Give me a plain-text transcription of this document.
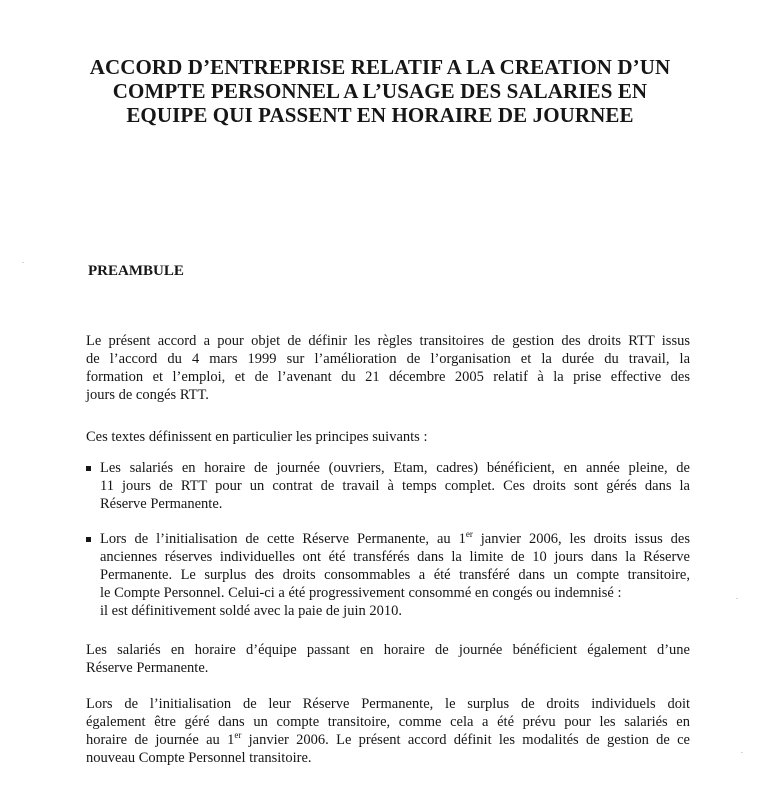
ACCORD D’ENTREPRISE RELATIF A LA CREATION D’UN
COMPTE PERSONNEL A L’USAGE DES SALARIES EN
EQUIPE QUI PASSENT EN HORAIRE DE JOURNEE
PREAMBULE
Le présent accord a pour objet de définir les règles transitoires de gestion des droits RTT issus
de l’accord du 4 mars 1999 sur l’amélioration de l’organisation et la durée du travail, la
formation et l’emploi, et de l’avenant du 21 décembre 2005 relatif à la prise effective des
jours de congés RTT.
Ces textes définissent en particulier les principes suivants :
Les salariés en horaire de journée (ouvriers, Etam, cadres) bénéficient, en année pleine, de
11 jours de RTT pour un contrat de travail à temps complet. Ces droits sont gérés dans la
Réserve Permanente.
Lors de l’initialisation de cette Réserve Permanente, au 1er janvier 2006, les droits issus des
anciennes réserves individuelles ont été transférés dans la limite de 10 jours dans la Réserve
Permanente. Le surplus des droits consommables a été transféré dans un compte transitoire,
le Compte Personnel. Celui-ci a été progressivement consommé en congés ou indemnisé :
il est définitivement soldé avec la paie de juin 2010.
Les salariés en horaire d’équipe passant en horaire de journée bénéficient également d’une
Réserve Permanente.
Lors de l’initialisation de leur Réserve Permanente, le surplus de droits individuels doit
également être géré dans un compte transitoire, comme cela a été prévu pour les salariés en
horaire de journée au 1er janvier 2006. Le présent accord définit les modalités de gestion de ce
nouveau Compte Personnel transitoire.
